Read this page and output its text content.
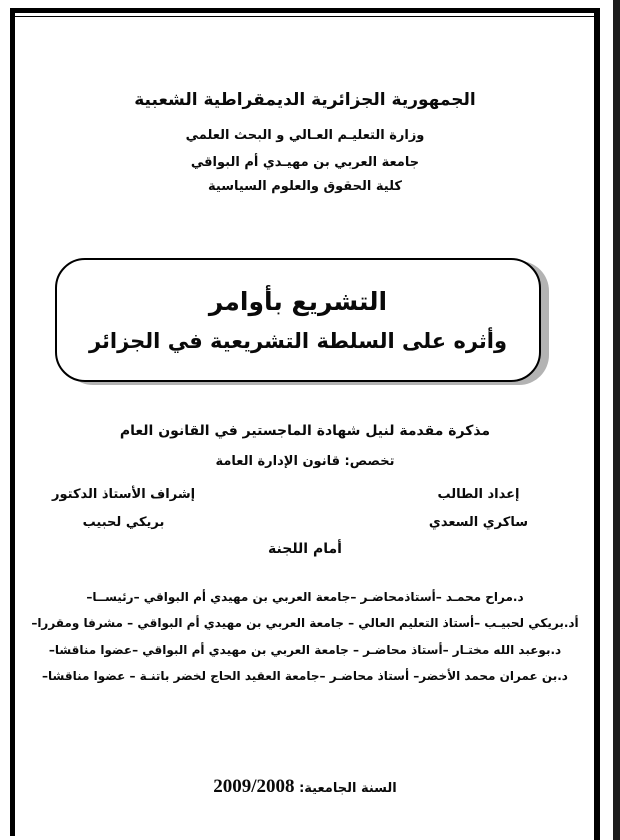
الجمهورية الجزائرية الديمقراطية الشعبية
وزارة التعليـم العـالي و البحث العلمي
جامعة العربي بن مهيـدي أم البواقي
كلية الحقوق والعلوم السياسية
التشريع بأوامر
وأثره على السلطة التشريعية في الجزائر
مذكرة مقدمة لنيل شهادة الماجستير في القانون العام
تخصص: قانون الإدارة العامة
إعداد الطالب
ساكري السعدي
إشراف الأستاذ الدكتور
بريكي لحبيب
أمام اللجنة
د.مراح محمـد –أستاذمحاضـر –جامعة العربي بن مهيدي أم البواقي –رئيســا–
أد.بريكي لحبيـب –أستاذ التعليم العالي – جامعة العربي بن مهيدي أم البواقي – مشرفا ومقررا–
د.بوعبد الله مختـار –أستاذ محاضـر – جامعة العربي بن مهيدي أم البواقي –عضوا مناقشا–
د.بن عمران محمد الأخضر– أستاذ محاضـر –جامعة العقيد الحاج لخضر باتنـة – عضوا مناقشا–
السنة الجامعية: 2009/2008
